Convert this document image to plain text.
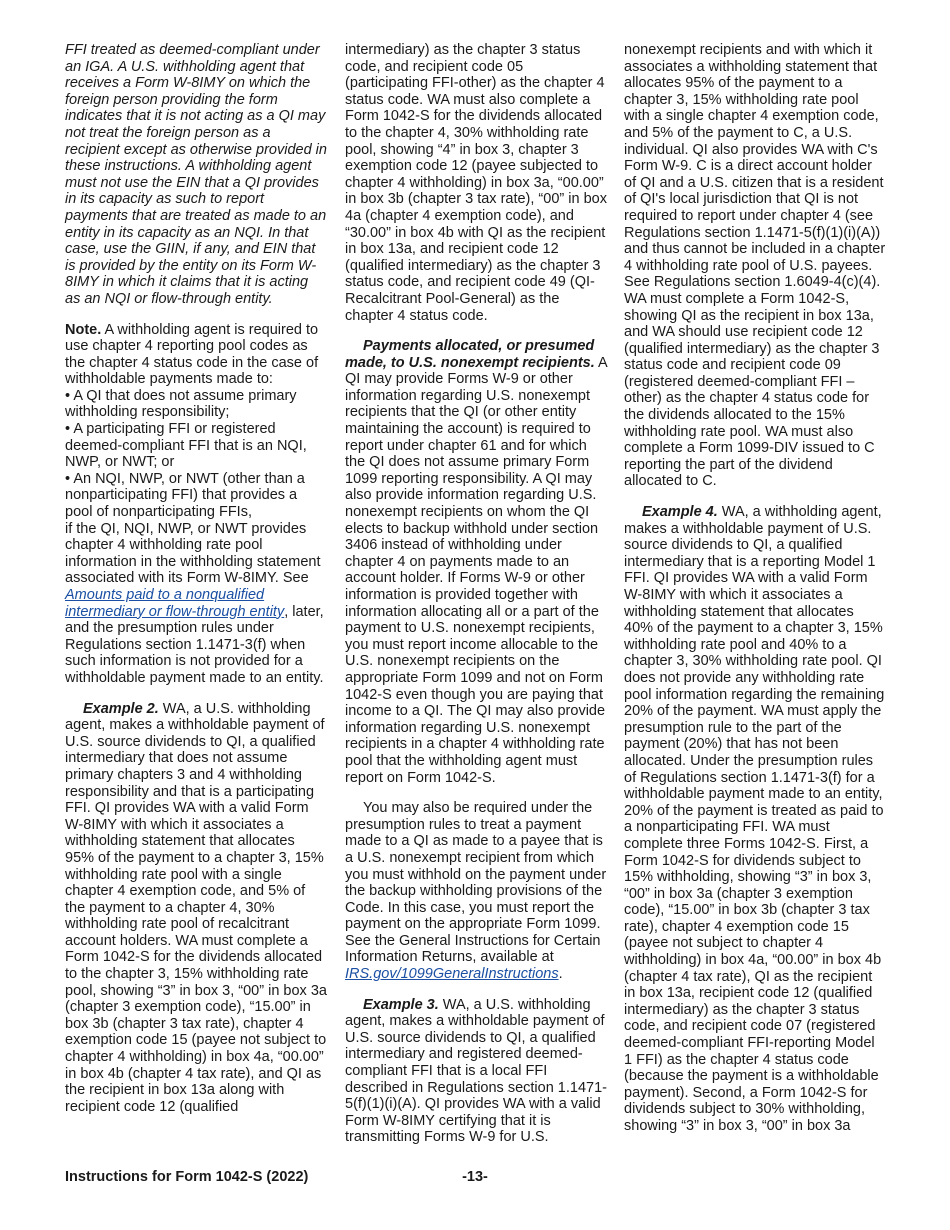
FFI treated as deemed-compliant under an IGA. A U.S. withholding agent that receives a Form W-8IMY on which the foreign person providing the form indicates that it is not acting as a QI may not treat the foreign person as a recipient except as otherwise provided in these instructions. A withholding agent must not use the EIN that a QI provides in its capacity as such to report payments that are treated as made to an entity in its capacity as an NQI. In that case, use the GIIN, if any, and EIN that is provided by the entity on its Form W-8IMY in which it claims that it is acting as an NQI or flow-through entity.

Note. A withholding agent is required to use chapter 4 reporting pool codes as the chapter 4 status code in the case of withholdable payments made to:

• A QI that does not assume primary withholding responsibility;

• A participating FFI or registered deemed-compliant FFI that is an NQI, NWP, or NWT; or

• An NQI, NWP, or NWT (other than a nonparticipating FFI) that provides a pool of nonparticipating FFIs,

if the QI, NQI, NWP, or NWT provides chapter 4 withholding rate pool information in the withholding statement associated with its Form W-8IMY. See Amounts paid to a nonqualified intermediary or flow-through entity, later, and the presumption rules under Regulations section 1.1471-3(f) when such information is not provided for a withholdable payment made to an entity.

Example 2. WA, a U.S. withholding agent, makes a withholdable payment of U.S. source dividends to QI, a qualified intermediary that does not assume primary chapters 3 and 4 withholding responsibility and that is a participating FFI. QI provides WA with a valid Form W-8IMY with which it associates a withholding statement that allocates 95% of the payment to a chapter 3, 15% withholding rate pool with a single chapter 4 exemption code, and 5% of the payment to a chapter 4, 30% withholding rate pool of recalcitrant account holders. WA must complete a Form 1042-S for the dividends allocated to the chapter 3, 15% withholding rate pool, showing “3” in box 3, “00” in box 3a (chapter 3 exemption code), “15.00” in box 3b (chapter 3 tax rate), chapter 4 exemption code 15 (payee not subject to chapter 4 withholding) in box 4a, “00.00” in box 4b (chapter 4 tax rate), and QI as the recipient in box 13a along with recipient code 12 (qualified

intermediary) as the chapter 3 status code, and recipient code 05 (participating FFI-other) as the chapter 4 status code. WA must also complete a Form 1042-S for the dividends allocated to the chapter 4, 30% withholding rate pool, showing “4” in box 3, chapter 3 exemption code 12 (payee subjected to chapter 4 withholding) in box 3a, “00.00” in box 3b (chapter 3 tax rate), “00” in box 4a (chapter 4 exemption code), and “30.00” in box 4b with QI as the recipient in box 13a, and recipient code 12 (qualified intermediary) as the chapter 3 status code, and recipient code 49 (QI-Recalcitrant Pool-General) as the chapter 4 status code.

Payments allocated, or presumed made, to U.S. nonexempt recipients. A QI may provide Forms W-9 or other information regarding U.S. nonexempt recipients that the QI (or other entity maintaining the account) is required to report under chapter 61 and for which the QI does not assume primary Form 1099 reporting responsibility. A QI may also provide information regarding U.S. nonexempt recipients on whom the QI elects to backup withhold under section 3406 instead of withholding under chapter 4 on payments made to an account holder. If Forms W-9 or other information is provided together with information allocating all or a part of the payment to U.S. nonexempt recipients, you must report income allocable to the U.S. nonexempt recipients on the appropriate Form 1099 and not on Form 1042-S even though you are paying that income to a QI. The QI may also provide information regarding U.S. nonexempt recipients in a chapter 4 withholding rate pool that the withholding agent must report on Form 1042-S.

You may also be required under the presumption rules to treat a payment made to a QI as made to a payee that is a U.S. nonexempt recipient from which you must withhold on the payment under the backup withholding provisions of the Code. In this case, you must report the payment on the appropriate Form 1099. See the General Instructions for Certain Information Returns, available at IRS.gov/1099GeneralInstructions.

Example 3. WA, a U.S. withholding agent, makes a withholdable payment of U.S. source dividends to QI, a qualified intermediary and registered deemed-compliant FFI that is a local FFI described in Regulations section 1.1471-5(f)(1)(i)(A). QI provides WA with a valid Form W-8IMY certifying that it is transmitting Forms W-9 for U.S.

nonexempt recipients and with which it associates a withholding statement that allocates 95% of the payment to a chapter 3, 15% withholding rate pool with a single chapter 4 exemption code, and 5% of the payment to C, a U.S. individual. QI also provides WA with C's Form W-9. C is a direct account holder of QI and a U.S. citizen that is a resident of QI's local jurisdiction that QI is not required to report under chapter 4 (see Regulations section 1.1471-5(f)(1)(i)(A)) and thus cannot be included in a chapter 4 withholding rate pool of U.S. payees. See Regulations section 1.6049-4(c)(4). WA must complete a Form 1042-S, showing QI as the recipient in box 13a, and WA should use recipient code 12 (qualified intermediary) as the chapter 3 status code and recipient code 09 (registered deemed-compliant FFI – other) as the chapter 4 status code for the dividends allocated to the 15% withholding rate pool. WA must also complete a Form 1099-DIV issued to C reporting the part of the dividend allocated to C.

Example 4. WA, a withholding agent, makes a withholdable payment of U.S. source dividends to QI, a qualified intermediary that is a reporting Model 1 FFI. QI provides WA with a valid Form W-8IMY with which it associates a withholding statement that allocates 40% of the payment to a chapter 3, 15% withholding rate pool and 40% to a chapter 3, 30% withholding rate pool. QI does not provide any withholding rate pool information regarding the remaining 20% of the payment. WA must apply the presumption rule to the part of the payment (20%) that has not been allocated. Under the presumption rules of Regulations section 1.1471-3(f) for a withholdable payment made to an entity, 20% of the payment is treated as paid to a nonparticipating FFI. WA must complete three Forms 1042-S. First, a Form 1042-S for dividends subject to 15% withholding, showing “3” in box 3, “00” in box 3a (chapter 3 exemption code), “15.00” in box 3b (chapter 3 tax rate), chapter 4 exemption code 15 (payee not subject to chapter 4 withholding) in box 4a, “00.00” in box 4b (chapter 4 tax rate), QI as the recipient in box 13a, recipient code 12 (qualified intermediary) as the chapter 3 status code, and recipient code 07 (registered deemed-compliant FFI-reporting Model 1 FFI) as the chapter 4 status code (because the payment is a withholdable payment). Second, a Form 1042-S for dividends subject to 30% withholding, showing “3” in box 3, “00” in box 3a

Instructions for Form 1042-S (2022)	-13-
